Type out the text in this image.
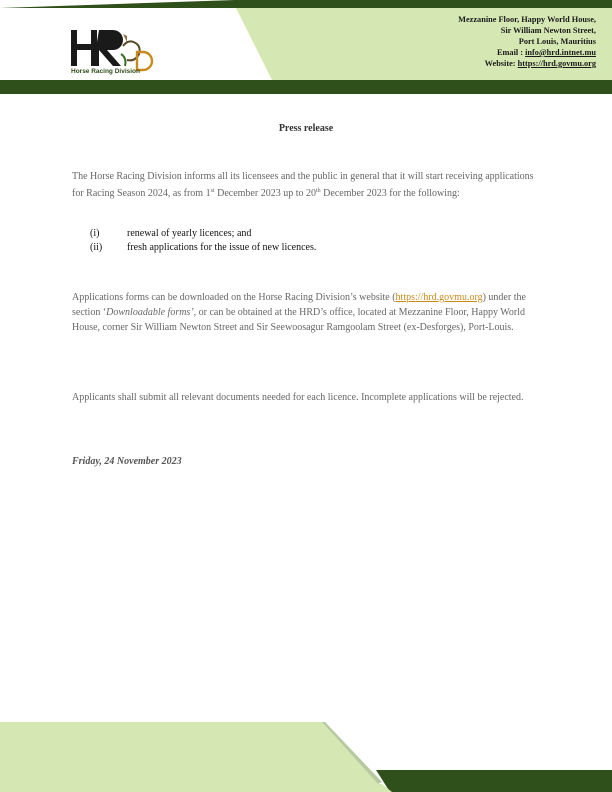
Horse Racing Division
Mezzanine Floor, Happy World House,
Sir William Newton Street,
Port Louis, Mauritius
Email : info@hrd.intnet.mu
Website: https://hrd.govmu.org
Press release
The Horse Racing Division informs all its licensees and the public in general that it will start receiving applications for Racing Season 2024, as from 1st December 2023 up to 20th December 2023 for the following:
(i)	renewal of yearly licences; and
(ii)	fresh applications for the issue of new licences.
Applications forms can be downloaded on the Horse Racing Division’s website (https://hrd.govmu.org) under the section ‘Downloadable forms’, or can be obtained at the HRD’s office, located at Mezzanine Floor, Happy World House, corner Sir William Newton Street and Sir Seewoosagur Ramgoolam Street (ex-Desforges), Port-Louis.
Applicants shall submit all relevant documents needed for each licence. Incomplete applications will be rejected.
Friday, 24 November 2023
